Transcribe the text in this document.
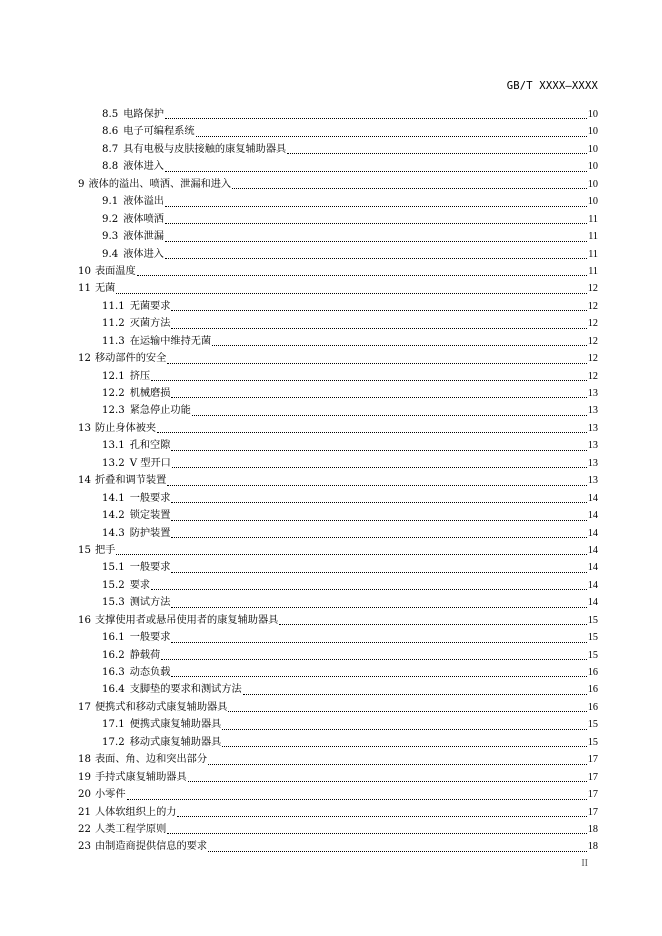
GB/T XXXX—XXXX
8.5 电路保护	10
8.6 电子可编程系统	10
8.7 具有电极与皮肤接触的康复辅助器具	10
8.8 液体进入	10
9 液体的溢出、喷洒、泄漏和进入	10
9.1 液体溢出	10
9.2 液体喷洒	11
9.3 液体泄漏	11
9.4 液体进入	11
10 表面温度	11
11 无菌	12
11.1 无菌要求	12
11.2 灭菌方法	12
11.3 在运输中维持无菌	12
12 移动部件的安全	12
12.1 挤压	12
12.2 机械磨损	13
12.3 紧急停止功能	13
13 防止身体被夹	13
13.1 孔和空隙	13
13.2 V 型开口	13
14 折叠和调节装置	13
14.1 一般要求	14
14.2 锁定装置	14
14.3 防护装置	14
15 把手	14
15.1 一般要求	14
15.2 要求	14
15.3 测试方法	14
16 支撑使用者或悬吊使用者的康复辅助器具	15
16.1 一般要求	15
16.2 静载荷	15
16.3 动态负载	16
16.4 支脚垫的要求和测试方法	16
17 便携式和移动式康复辅助器具	16
17.1 便携式康复辅助器具	15
17.2 移动式康复辅助器具	15
18 表面、角、边和突出部分	17
19 手持式康复辅助器具	17
20 小零件	17
21 人体软组织上的力	17
22 人类工程学原则	18
23 由制造商提供信息的要求	18
II
